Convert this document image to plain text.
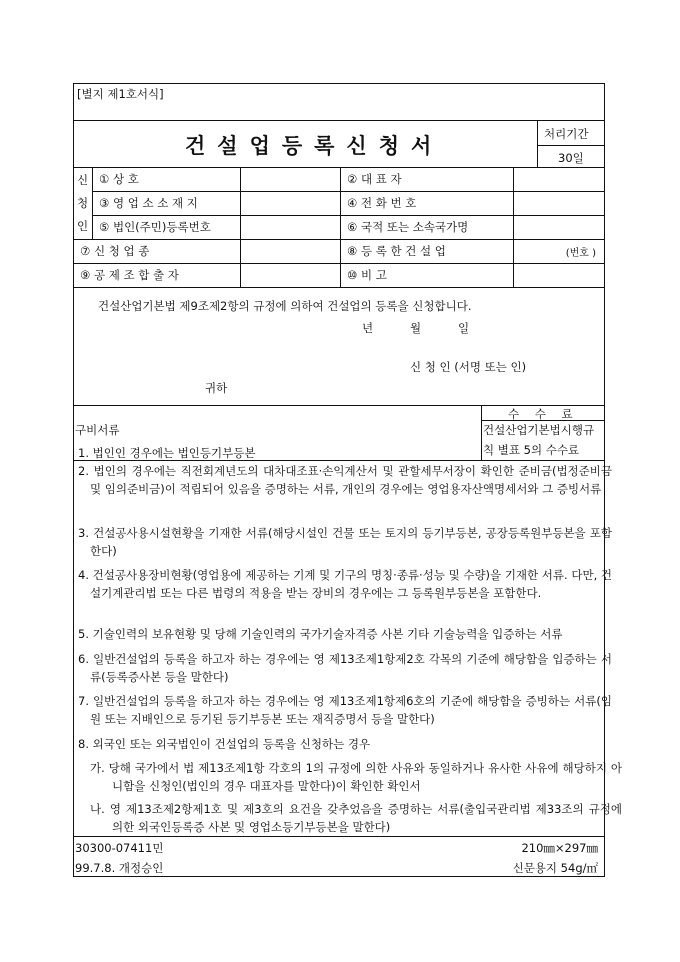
[별지 제1호서식]
건설업등록신청서	처리기간
30일
신
청
인
① 상 호	② 대 표 자
③ 영 업 소 소 재 지	④ 전 화 번 호
⑤ 법인(주민)등록번호	⑥ 국적 또는 소속국가명
⑦ 신 청 업 종	⑧ 등 록 한 건 설 업	(번호 )
⑨ 공 제 조 합 출 자	⑩ 비 고
건설산업기본법 제9조제2항의 규정에 의하여 건설업의 등록을 신청합니다.
년	월	일
신 청 인 (서명 또는 인)
귀하
수 수 료
건설산업기본법시행규
칙 별표 5의 수수료
구비서류
1. 법인인 경우에는 법인등기부등본
2. 법인의 경우에는 직전회계년도의 대차대조표·손익계산서 및 관할세무서장이 확인한 준비금(법정준비금 및 임의준비금)이 적립되어 있음을 증명하는 서류, 개인의 경우에는 영업용자산액명세서와 그 증빙서류
3. 건설공사용시설현황을 기재한 서류(해당시설인 건물 또는 토지의 등기부등본, 공장등록원부등본을 포함한다)
4. 건설공사용장비현황(영업용에 제공하는 기계 및 기구의 명칭·종류·성능 및 수량)을 기재한 서류. 다만, 건설기계관리법 또는 다른 법령의 적용을 받는 장비의 경우에는 그 등록원부등본을 포함한다.
5. 기술인력의 보유현황 및 당해 기술인력의 국가기술자격증 사본 기타 기술능력을 입증하는 서류
6. 일반건설업의 등록을 하고자 하는 경우에는 영 제13조제1항제2호 각목의 기준에 해당함을 입증하는 서류(등록증사본 등을 말한다)
7. 일반건설업의 등록을 하고자 하는 경우에는 영 제13조제1항제6호의 기준에 해당함을 증빙하는 서류(임원 또는 지배인으로 등기된 등기부등본 또는 재직증명서 등을 말한다)
8. 외국인 또는 외국법인이 건설업의 등록을 신청하는 경우
가. 당해 국가에서 법 제13조제1항 각호의 1의 규정에 의한 사유와 동일하거나 유사한 사유에 해당하지 아니함을 신청인(법인의 경우 대표자를 말한다)이 확인한 확인서
나. 영 제13조제2항제1호 및 제3호의 요건을 갖추었음을 증명하는 서류(출입국관리법 제33조의 규정에 의한 외국인등록증 사본 및 영업소등기부등본을 말한다)
30300-07411민
99.7.8. 개정승인
210㎜×297㎜
신문용지 54g/㎡
